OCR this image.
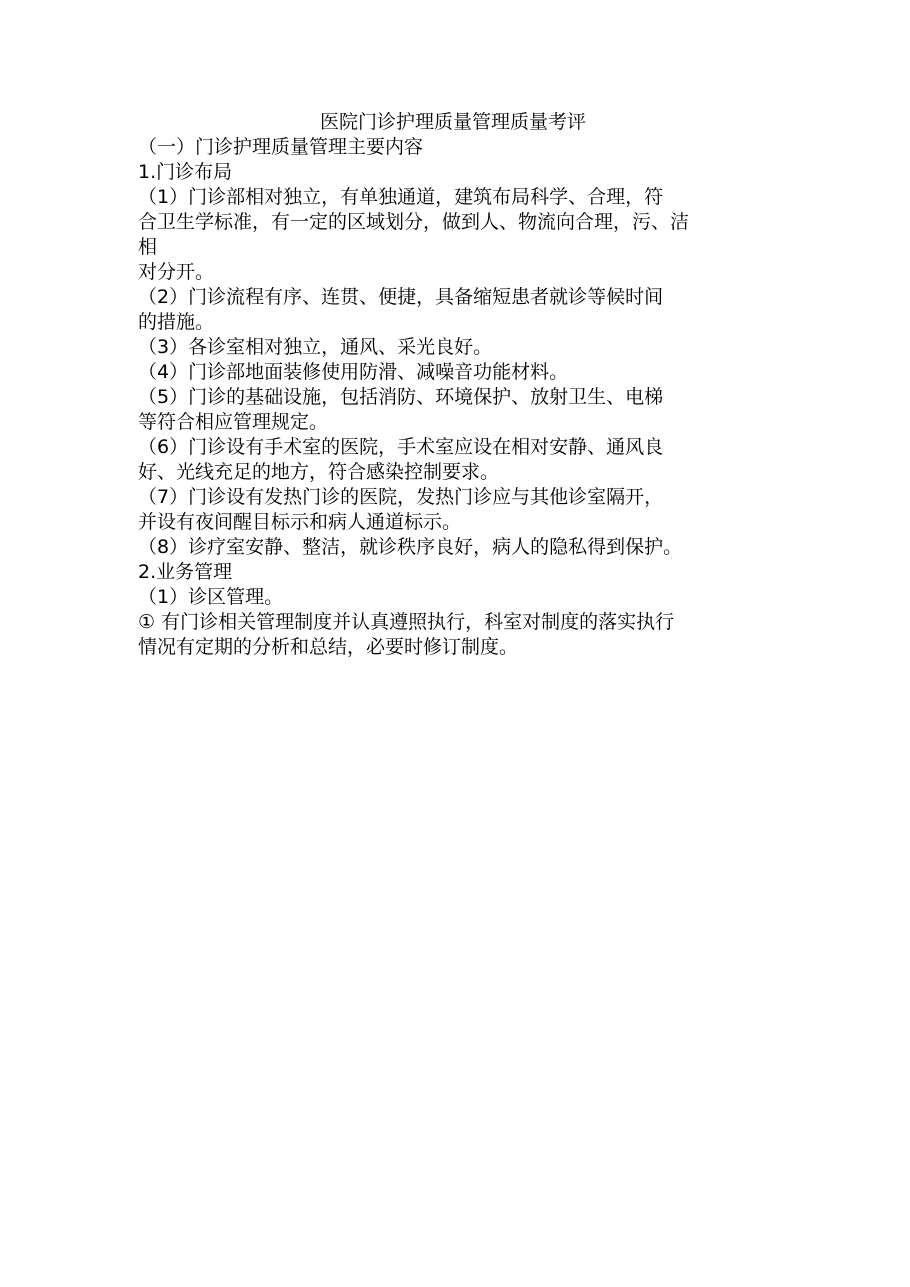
医院门诊护理质量管理质量考评

（一）门诊护理质量管理主要内容

1.门诊布局

（1）门诊部相对独立，有单独通道，建筑布局科学、合理，符

合卫生学标准，有一定的区域划分，做到人、物流向合理，污、洁

相

对分开。

（2）门诊流程有序、连贯、便捷，具备缩短患者就诊等候时间

的措施。

（3）各诊室相对独立，通风、采光良好。

（4）门诊部地面装修使用防滑、减噪音功能材料。

（5）门诊的基础设施，包括消防、环境保护、放射卫生、电梯

等符合相应管理规定。

（6）门诊设有手术室的医院，手术室应设在相对安静、通风良

好、光线充足的地方，符合感染控制要求。

（7）门诊设有发热门诊的医院，发热门诊应与其他诊室隔开，

并设有夜间醒目标示和病人通道标示。

（8）诊疗室安静、整洁，就诊秩序良好，病人的隐私得到保护。

2.业务管理

（1）诊区管理。

① 有门诊相关管理制度并认真遵照执行，科室对制度的落实执行

情况有定期的分析和总结，必要时修订制度。
